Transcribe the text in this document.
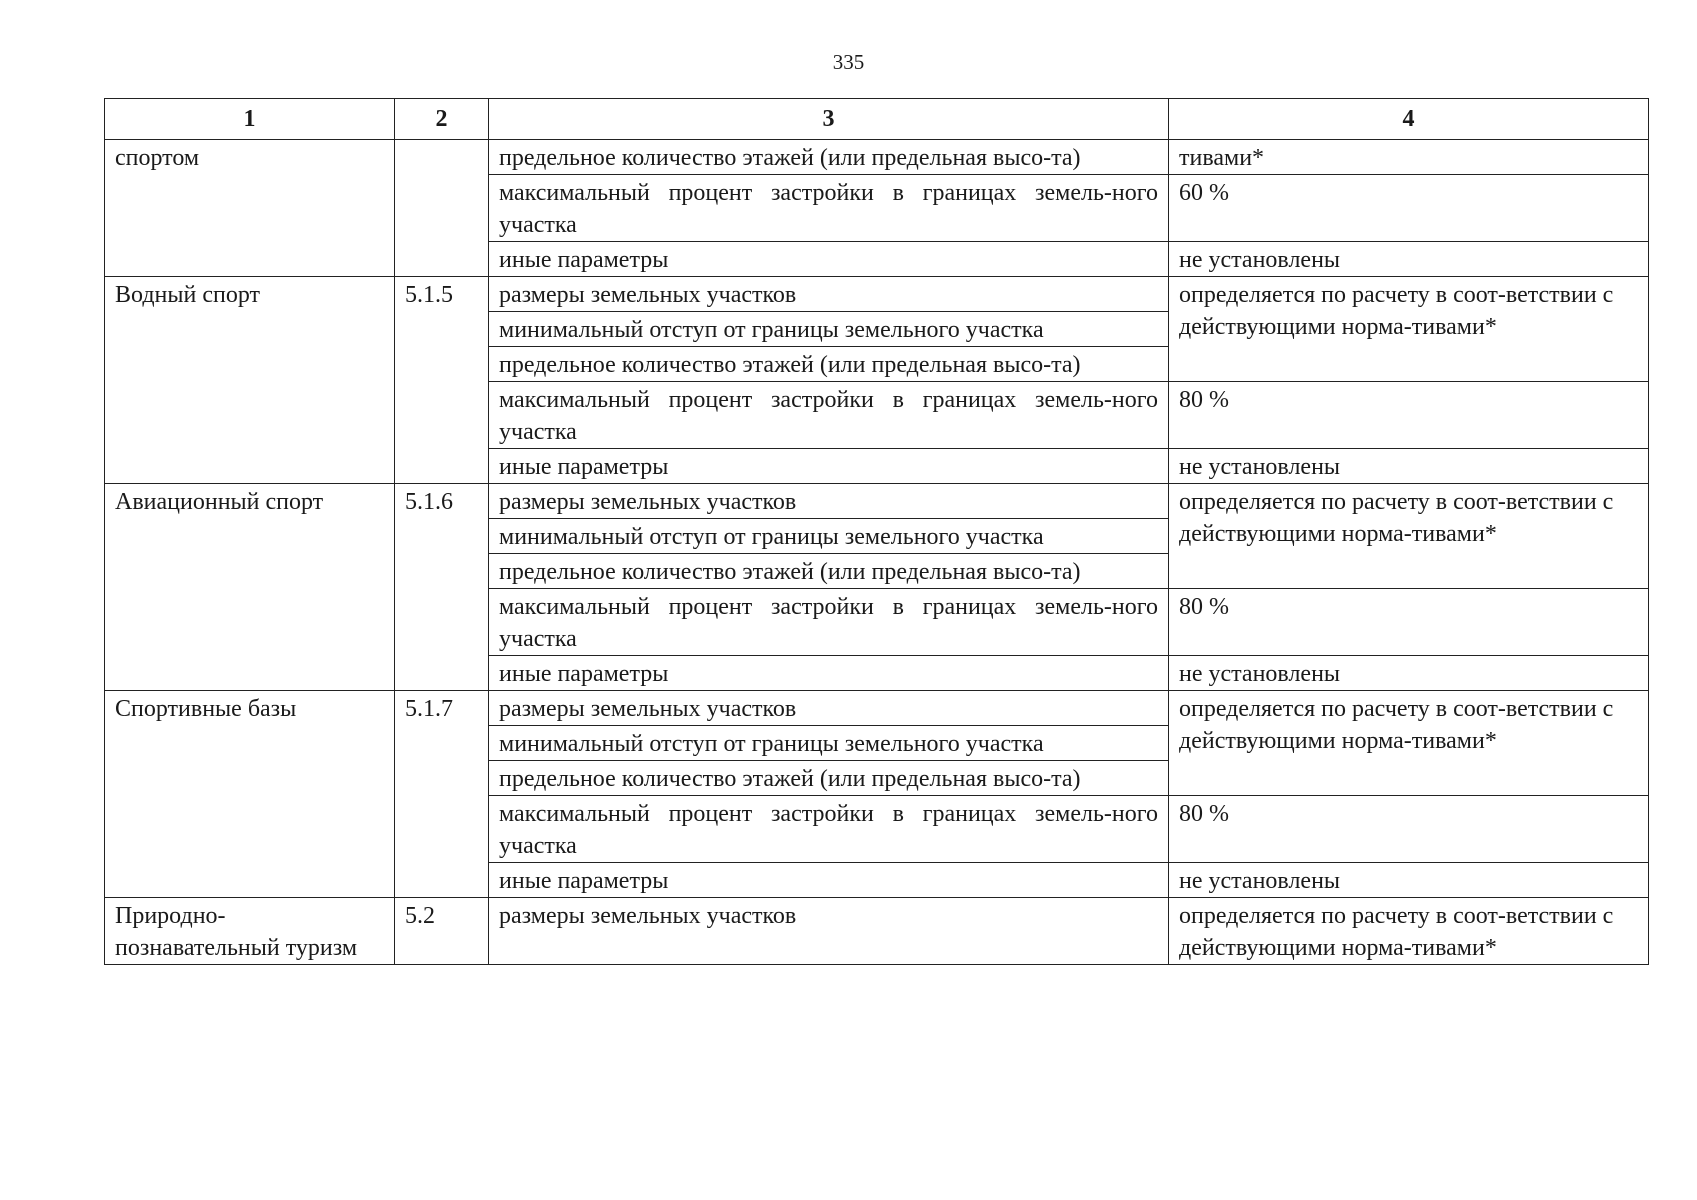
335
1	2	3	4
спортом		предельное количество этажей (или предельная высо-та)	тивами*
		максимальный процент застройки в границах земель-ного участка	60 %
		иные параметры	не установлены
Водный спорт	5.1.5	размеры земельных участков	определяется по расчету в соот-ветствии с действующими норма-тивами*
		минимальный отступ от границы земельного участка	
		предельное количество этажей (или предельная высо-та)	
		максимальный процент застройки в границах земель-ного участка	80 %
		иные параметры	не установлены
Авиационный спорт	5.1.6	размеры земельных участков	определяется по расчету в соот-ветствии с действующими норма-тивами*
		минимальный отступ от границы земельного участка	
		предельное количество этажей (или предельная высо-та)	
		максимальный процент застройки в границах земель-ного участка	80 %
		иные параметры	не установлены
Спортивные базы	5.1.7	размеры земельных участков	определяется по расчету в соот-ветствии с действующими норма-тивами*
		минимальный отступ от границы земельного участка	
		предельное количество этажей (или предельная высо-та)	
		максимальный процент застройки в границах земель-ного участка	80 %
		иные параметры	не установлены
Природно-познавательный туризм	5.2	размеры земельных участков	определяется по расчету в соот-ветствии с действующими норма-тивами*
